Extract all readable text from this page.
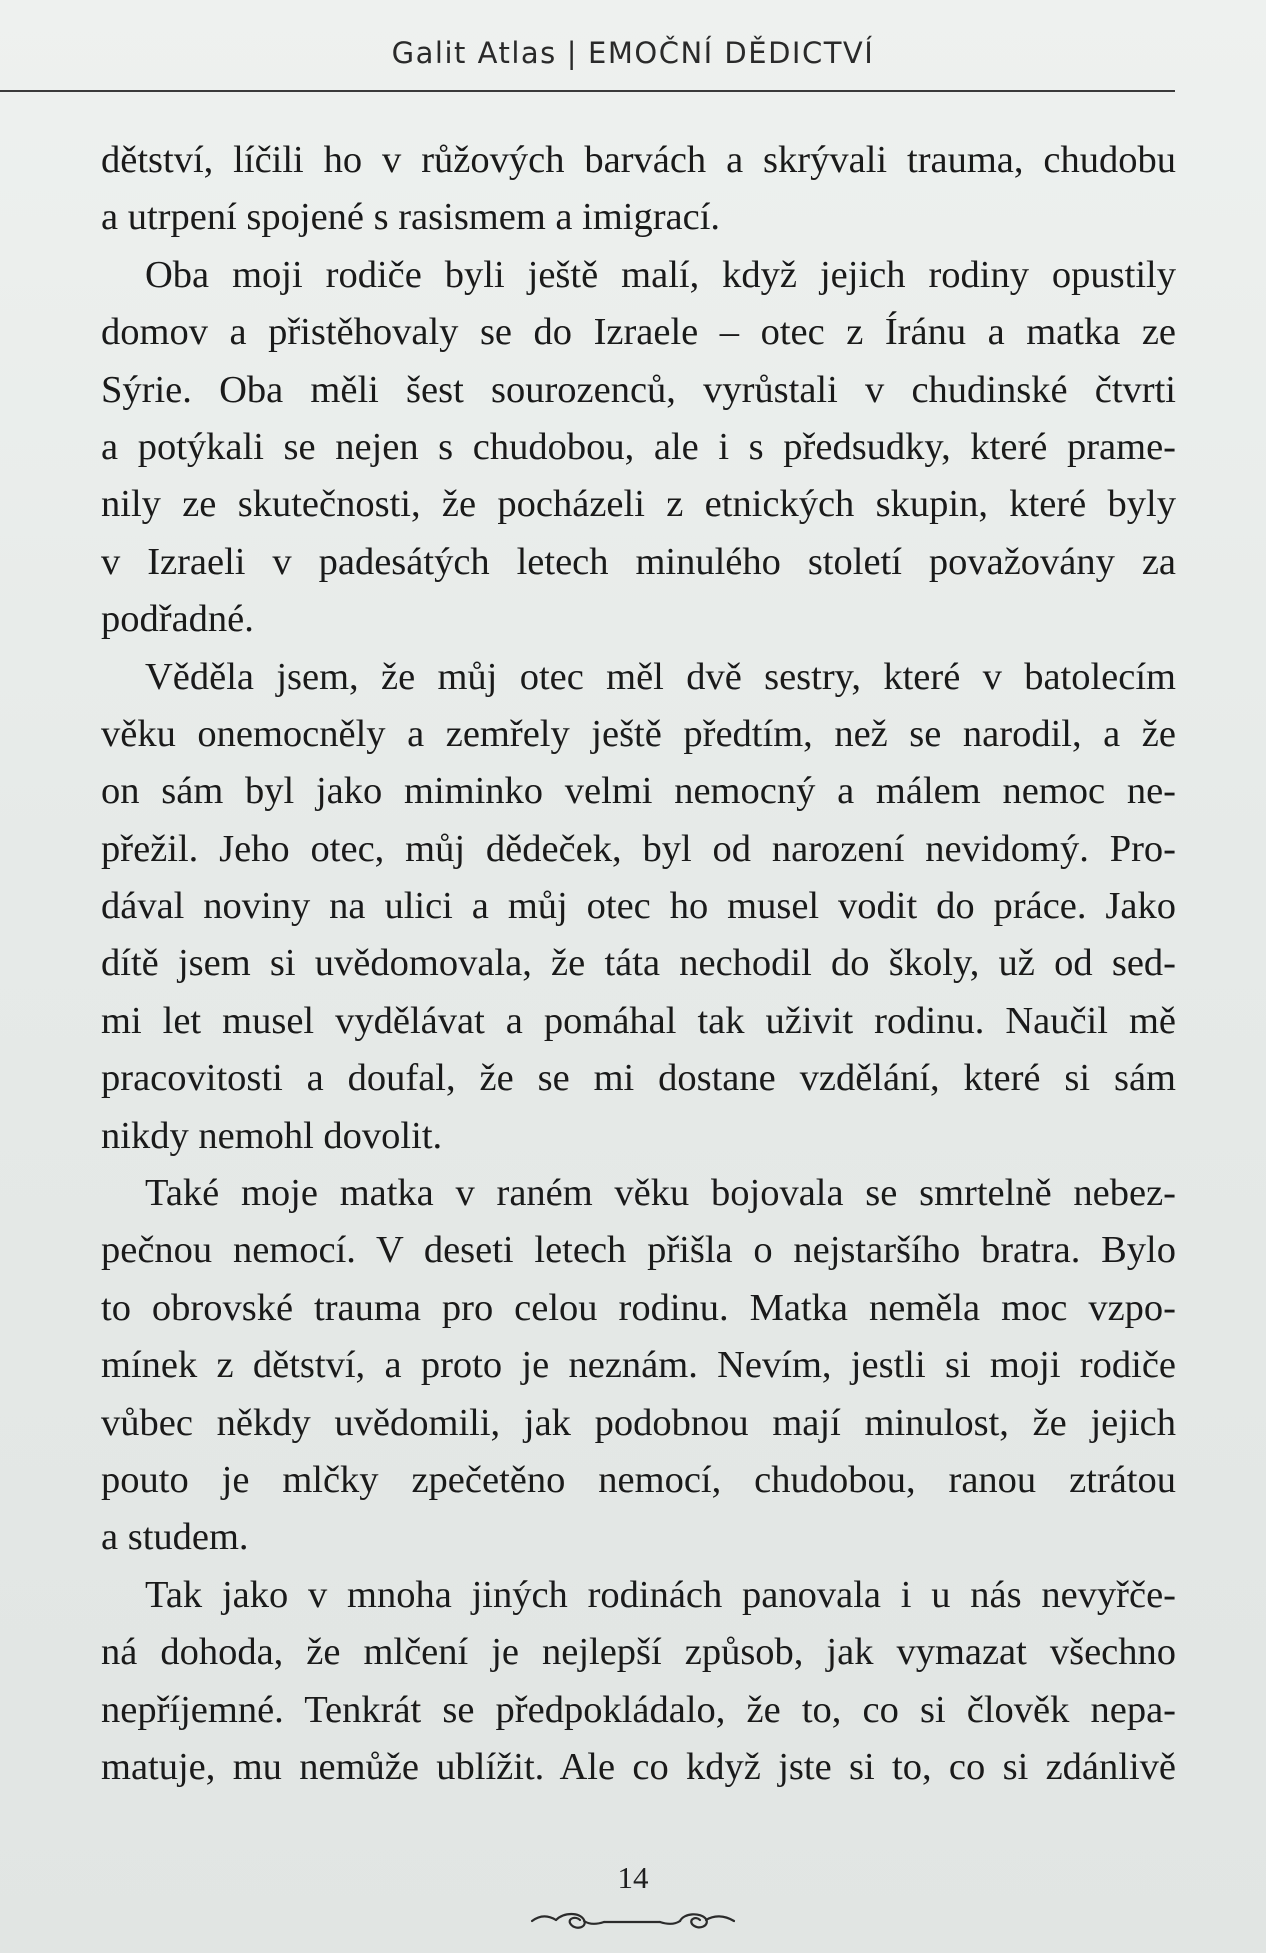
Galit Atlas | EMOČNÍ DĚDICTVÍ
dětství, líčili ho v růžových barvách a skrývali trauma, chudobu
a utrpení spojené s rasismem a imigrací.
Oba moji rodiče byli ještě malí, když jejich rodiny opustily
domov a přistěhovaly se do Izraele – otec z Íránu a matka ze
Sýrie. Oba měli šest sourozenců, vyrůstali v chudinské čtvrti
a potýkali se nejen s chudobou, ale i s předsudky, které prame-
nily ze skutečnosti, že pocházeli z etnických skupin, které byly
v Izraeli v padesátých letech minulého století považovány za
podřadné.
Věděla jsem, že můj otec měl dvě sestry, které v batolecím
věku onemocněly a zemřely ještě předtím, než se narodil, a že
on sám byl jako miminko velmi nemocný a málem nemoc ne-
přežil. Jeho otec, můj dědeček, byl od narození nevidomý. Pro-
dával noviny na ulici a můj otec ho musel vodit do práce. Jako
dítě jsem si uvědomovala, že táta nechodil do školy, už od sed-
mi let musel vydělávat a pomáhal tak uživit rodinu. Naučil mě
pracovitosti a doufal, že se mi dostane vzdělání, které si sám
nikdy nemohl dovolit.
Také moje matka v raném věku bojovala se smrtelně nebez-
pečnou nemocí. V deseti letech přišla o nejstaršího bratra. Bylo
to obrovské trauma pro celou rodinu. Matka neměla moc vzpo-
mínek z dětství, a proto je neznám. Nevím, jestli si moji rodiče
vůbec někdy uvědomili, jak podobnou mají minulost, že jejich
pouto je mlčky zpečetěno nemocí, chudobou, ranou ztrátou
a studem.
Tak jako v mnoha jiných rodinách panovala i u nás nevyřče-
ná dohoda, že mlčení je nejlepší způsob, jak vymazat všechno
nepříjemné. Tenkrát se předpokládalo, že to, co si člověk nepa-
matuje, mu nemůže ublížit. Ale co když jste si to, co si zdánlivě
14
